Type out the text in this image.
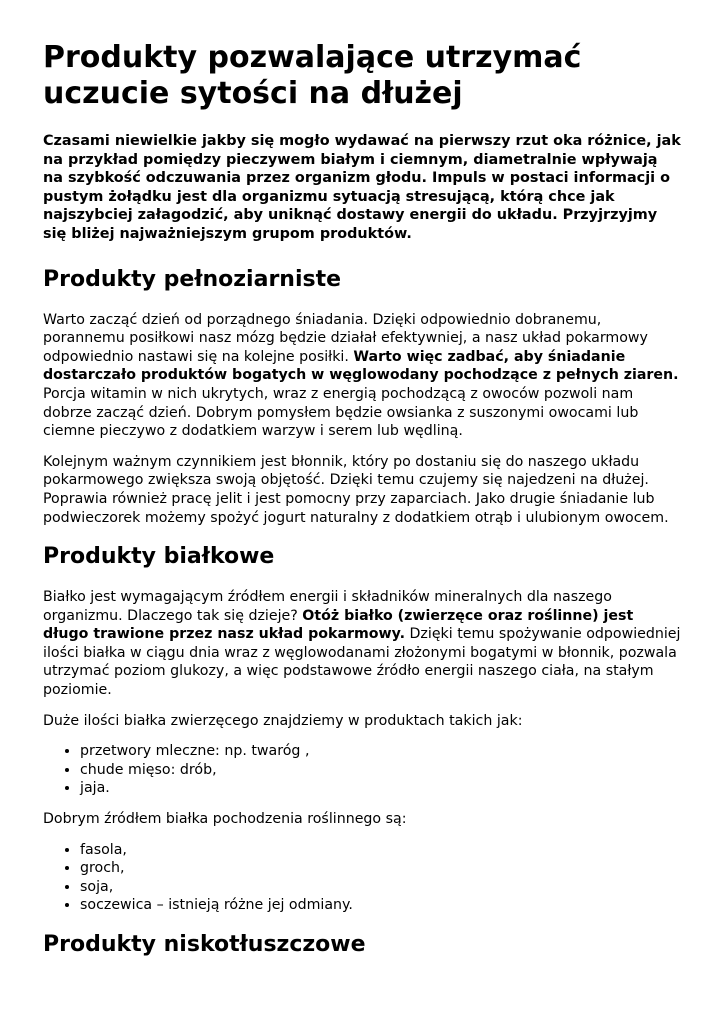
Produkty pozwalające utrzymać uczucie sytości na dłużej

Czasami niewielkie jakby się mogło wydawać na pierwszy rzut oka różnice, jak na przykład pomiędzy pieczywem białym i ciemnym, diametralnie wpływają na szybkość odczuwania przez organizm głodu. Impuls w postaci informacji o pustym żołądku jest dla organizmu sytuacją stresującą, którą chce jak najszybciej załagodzić, aby uniknąć dostawy energii do układu. Przyjrzyjmy się bliżej najważniejszym grupom produktów.

Produkty pełnoziarniste

Warto zacząć dzień od porządnego śniadania. Dzięki odpowiednio dobranemu, porannemu posiłkowi nasz mózg będzie działał efektywniej, a nasz układ pokarmowy odpowiednio nastawi się na kolejne posiłki. Warto więc zadbać, aby śniadanie dostarczało produktów bogatych w węglowodany pochodzące z pełnych ziaren. Porcja witamin w nich ukrytych, wraz z energią pochodzącą z owoców pozwoli nam dobrze zacząć dzień. Dobrym pomysłem będzie owsianka z suszonymi owocami lub ciemne pieczywo z dodatkiem warzyw i serem lub wędliną.

Kolejnym ważnym czynnikiem jest błonnik, który po dostaniu się do naszego układu pokarmowego zwiększa swoją objętość. Dzięki temu czujemy się najedzeni na dłużej. Poprawia również pracę jelit i jest pomocny przy zaparciach. Jako drugie śniadanie lub podwieczorek możemy spożyć jogurt naturalny z dodatkiem otrąb i ulubionym owocem.

Produkty białkowe

Białko jest wymagającym źródłem energii i składników mineralnych dla naszego organizmu. Dlaczego tak się dzieje? Otóż białko (zwierzęce oraz roślinne) jest długo trawione przez nasz układ pokarmowy. Dzięki temu spożywanie odpowiedniej ilości białka w ciągu dnia wraz z węglowodanami złożonymi bogatymi w błonnik, pozwala utrzymać poziom glukozy, a więc podstawowe źródło energii naszego ciała, na stałym poziomie.

Duże ilości białka zwierzęcego znajdziemy w produktach takich jak:

• przetwory mleczne: np. twaróg ,
• chude mięso: drób,
• jaja.

Dobrym źródłem białka pochodzenia roślinnego są:

• fasola,
• groch,
• soja,
• soczewica – istnieją różne jej odmiany.
Produkty niskotłuszczowe
